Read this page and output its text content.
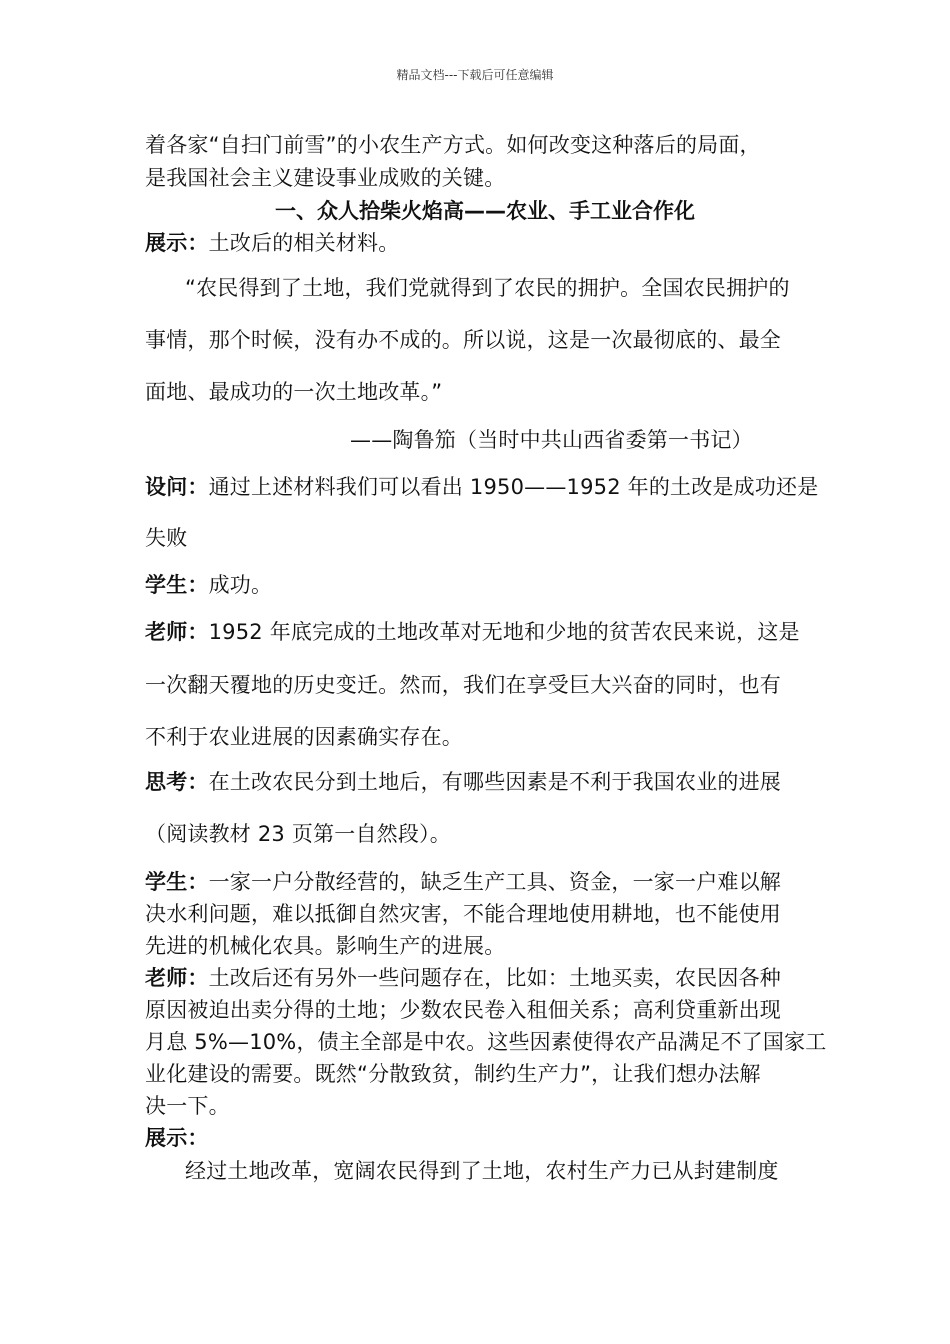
精品文档---下载后可任意编辑
着各家“自扫门前雪”的小农生产方式。如何改变这种落后的局面，
是我国社会主义建设事业成败的关键。
一、众人拾柴火焰高——农业、手工业合作化
展示：土改后的相关材料。
“农民得到了土地，我们党就得到了农民的拥护。全国农民拥护的
事情，那个时候，没有办不成的。所以说，这是一次最彻底的、最全
面地、最成功的一次土地改革。”
——陶鲁笳（当时中共山西省委第一书记）
设问：通过上述材料我们可以看出 1950——1952 年的土改是成功还是
失败
学生：成功。
老师：1952 年底完成的土地改革对无地和少地的贫苦农民来说，这是
一次翻天覆地的历史变迁。然而，我们在享受巨大兴奋的同时，也有
不利于农业进展的因素确实存在。
思考：在土改农民分到土地后，有哪些因素是不利于我国农业的进展
（阅读教材 23 页第一自然段）。
学生：一家一户分散经营的，缺乏生产工具、资金，一家一户难以解
决水利问题，难以抵御自然灾害，不能合理地使用耕地，也不能使用
先进的机械化农具。影响生产的进展。
老师：土改后还有另外一些问题存在，比如：土地买卖，农民因各种
原因被迫出卖分得的土地；少数农民卷入租佃关系；高利贷重新出现
月息 5%—10%，债主全部是中农。这些因素使得农产品满足不了国家工
业化建设的需要。既然“分散致贫，制约生产力”，让我们想办法解
决一下。
展示：
经过土地改革，宽阔农民得到了土地，农村生产力已从封建制度
